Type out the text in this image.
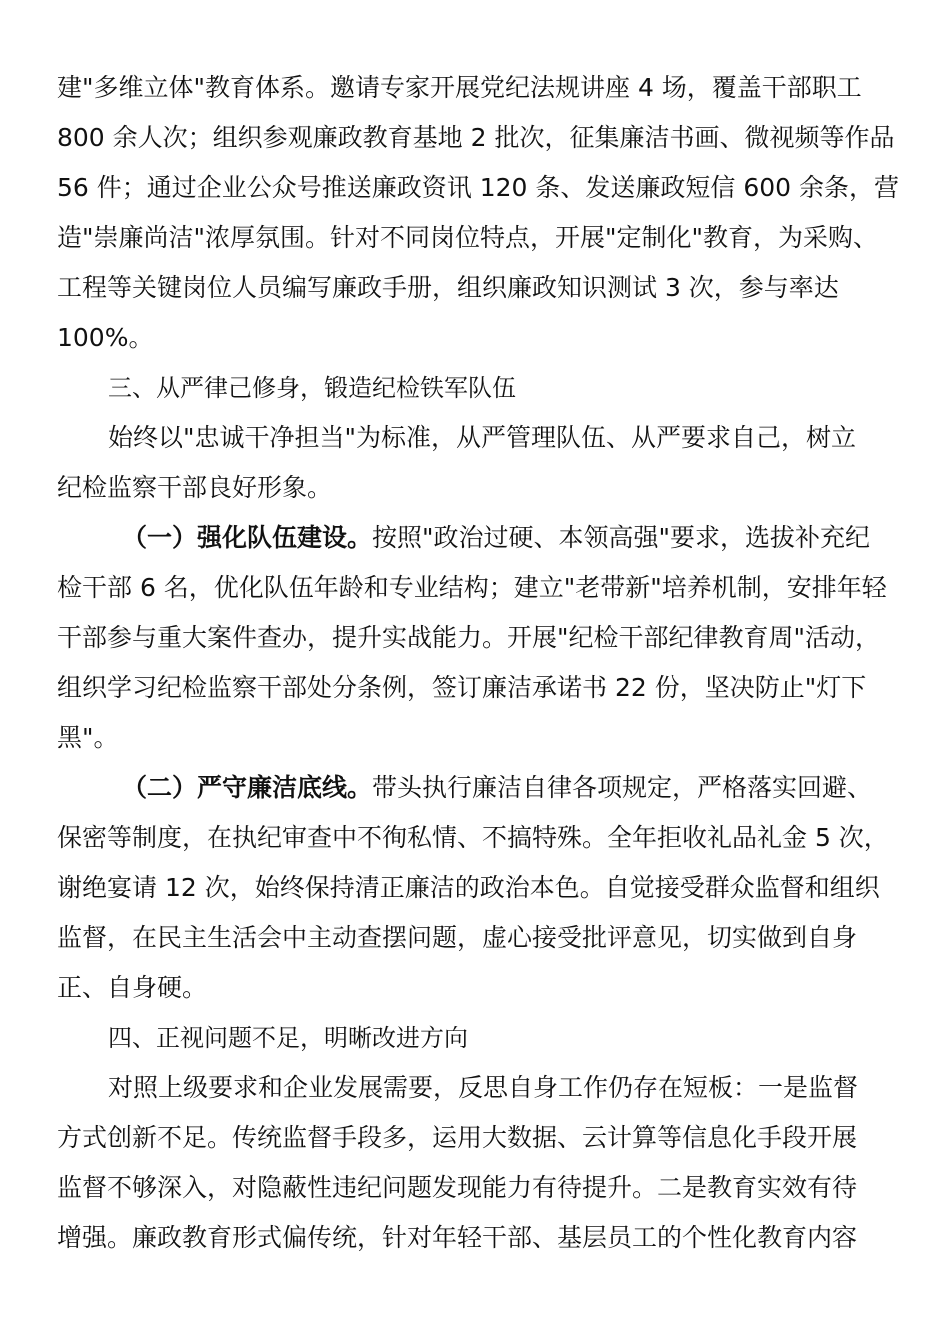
建"多维立体"教育体系。邀请专家开展党纪法规讲座 4 场，覆盖干部职工
800 余人次；组织参观廉政教育基地 2 批次，征集廉洁书画、微视频等作品
56 件；通过企业公众号推送廉政资讯 120 条、发送廉政短信 600 余条，营
造"崇廉尚洁"浓厚氛围。针对不同岗位特点，开展"定制化"教育，为采购、
工程等关键岗位人员编写廉政手册，组织廉政知识测试 3 次，参与率达
100%。
三、从严律己修身，锻造纪检铁军队伍
始终以"忠诚干净担当"为标准，从严管理队伍、从严要求自己，树立
纪检监察干部良好形象。
（一）强化队伍建设。按照"政治过硬、本领高强"要求，选拔补充纪
检干部 6 名，优化队伍年龄和专业结构；建立"老带新"培养机制，安排年轻
干部参与重大案件查办，提升实战能力。开展"纪检干部纪律教育周"活动，
组织学习纪检监察干部处分条例，签订廉洁承诺书 22 份，坚决防止"灯下
黑"。
（二）严守廉洁底线。带头执行廉洁自律各项规定，严格落实回避、
保密等制度，在执纪审查中不徇私情、不搞特殊。全年拒收礼品礼金 5 次，
谢绝宴请 12 次，始终保持清正廉洁的政治本色。自觉接受群众监督和组织
监督，在民主生活会中主动查摆问题，虚心接受批评意见，切实做到自身
正、自身硬。
四、正视问题不足，明晰改进方向
对照上级要求和企业发展需要，反思自身工作仍存在短板：一是监督
方式创新不足。传统监督手段多，运用大数据、云计算等信息化手段开展
监督不够深入，对隐蔽性违纪问题发现能力有待提升。二是教育实效有待
增强。廉政教育形式偏传统，针对年轻干部、基层员工的个性化教育内容
